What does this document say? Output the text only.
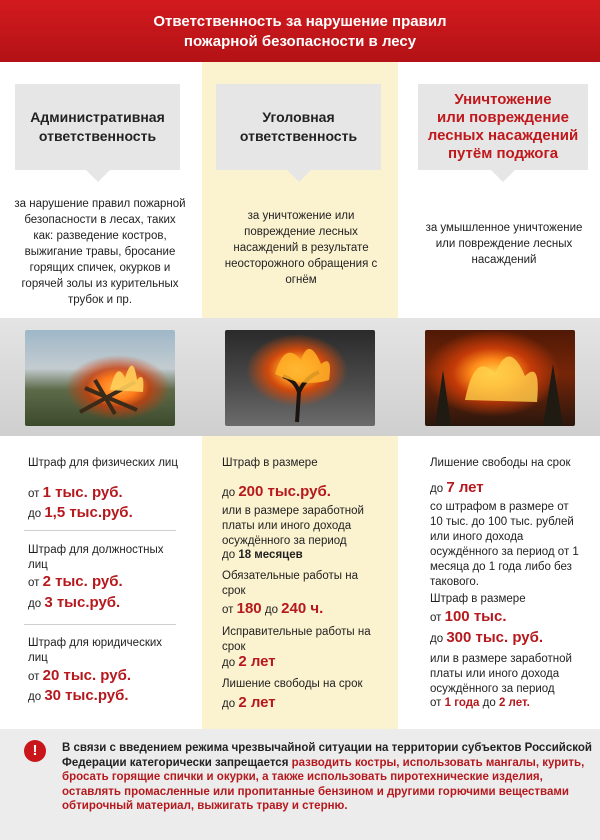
Ответственность за нарушение правил
пожарной безопасности в лесу
Административная
ответственность
Уголовная
ответственность
Уничтожение
или повреждение
лесных насаждений
путём поджога
за нарушение правил пожарной безопасности в лесах, таких как: разведение костров, выжигание травы, бросание горящих спичек, окурков и горячей золы из курительных трубок и пр.
за уничтожение или повреждение лесных насаждений в результате неосторожного обращения с огнём
за умышленное уничтожение или повреждение лесных насаждений
Штраф для физических лиц
от 1 тыс. руб.
до 1,5 тыс.руб.
Штраф для должностных лиц
от 2 тыс. руб.
до 3 тыс.руб.
Штраф для юридических лиц
от 20 тыс. руб.
до 30 тыс.руб.
Штраф в размере
до 200 тыс.руб.
или в размере заработной платы или иного дохода осуждённого за период
до 18 месяцев
Обязательные работы на срок
от 180 до 240 ч.
Исправительные работы на срок
до 2 лет
Лишение свободы на срок
до 2 лет
Лишение свободы на срок
до 7 лет
со штрафом в размере от 10 тыс. до 100 тыс. рублей или иного дохода осуждённого за период от 1 месяца до 1 года либо без такового.
Штраф в размере
от 100 тыс.
до 300 тыс. руб.
или в размере заработной платы или иного дохода осуждённого за период
от 1 года до 2 лет.
!	В связи с введением режима чрезвычайной ситуации на территории субъектов Российской Федерации категорически запрещается разводить костры, использовать мангалы, курить, бросать горящие спички и окурки, а также использовать пиротехнические изделия, оставлять промасленные или пропитанные бензином и другими горючими веществами обтирочный материал, выжигать траву и стерню.
